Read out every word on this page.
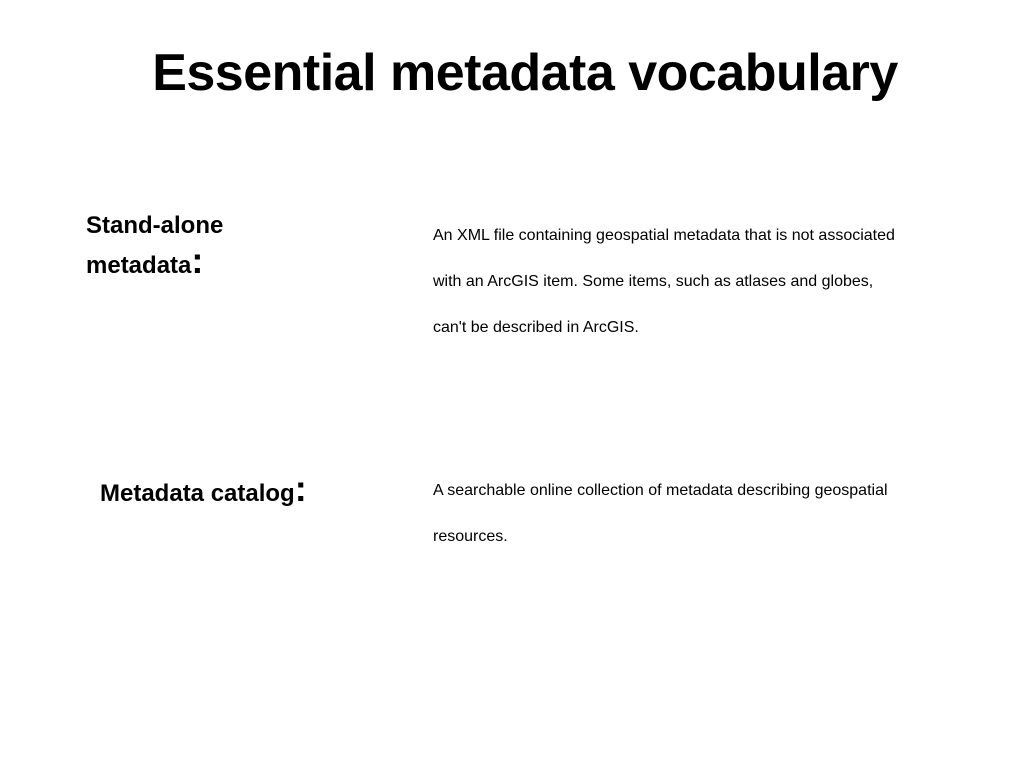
Essential metadata vocabulary
Stand-alone
metadata:
An XML file containing geospatial metadata that is not associated
with an ArcGIS item. Some items, such as atlases and globes,
can't be described in ArcGIS.
Metadata catalog:	A searchable online collection of metadata describing geospatial
resources.
